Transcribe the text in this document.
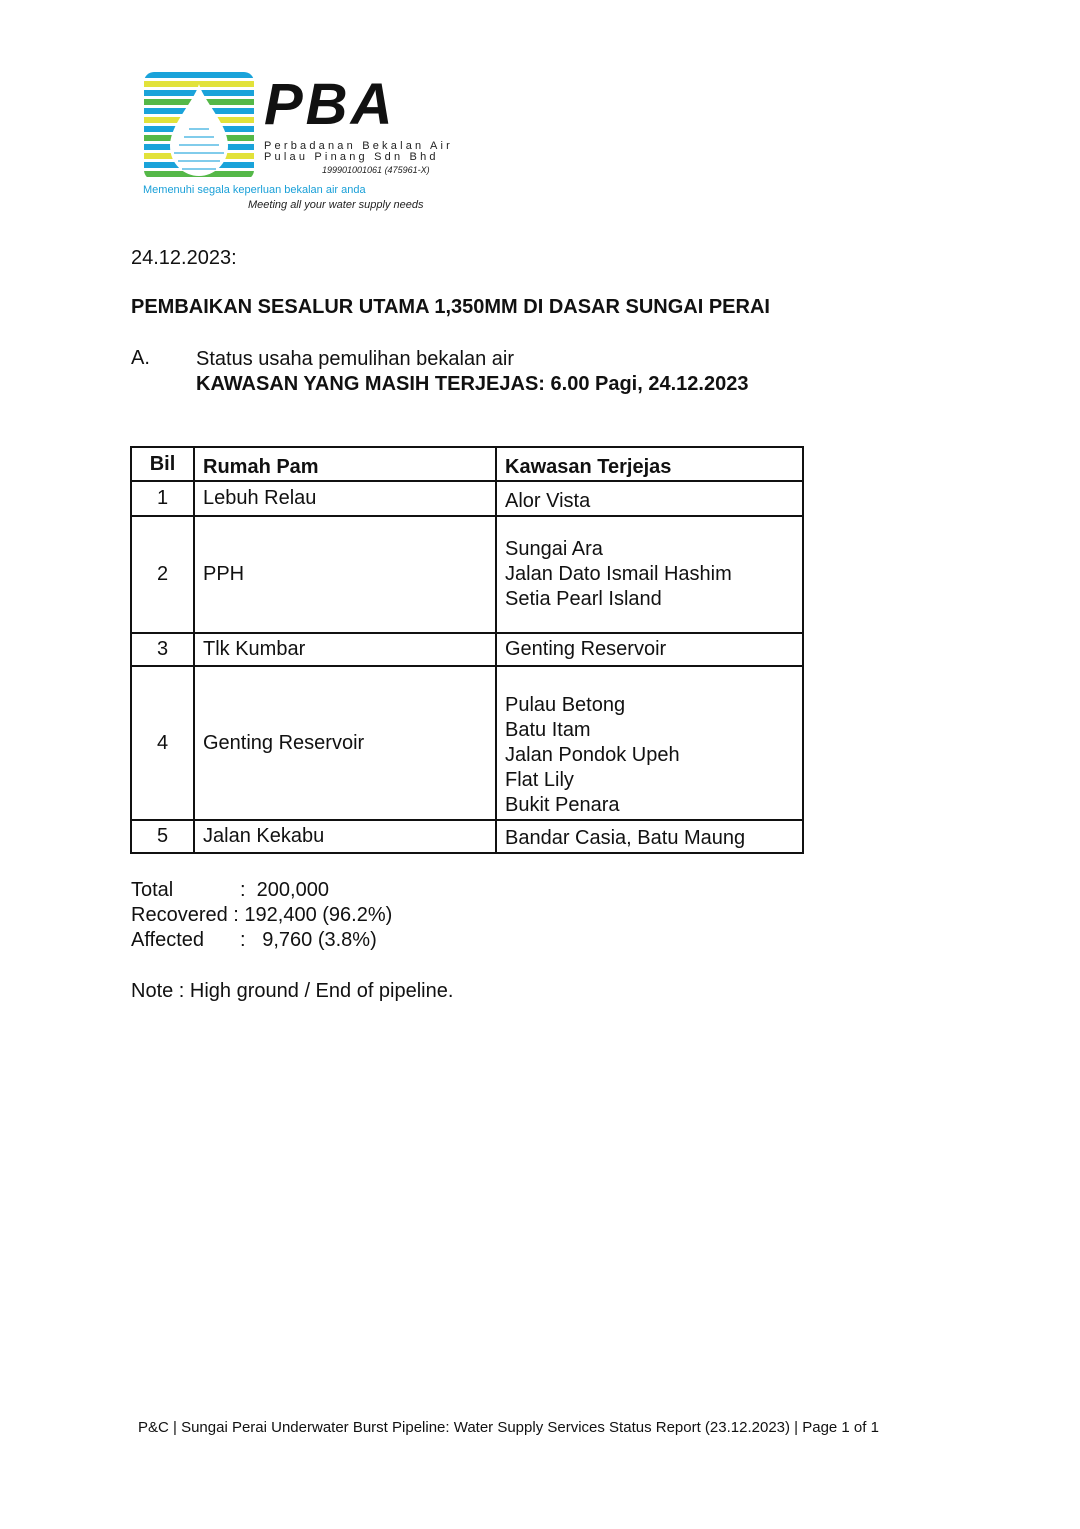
PBA
Perbadanan Bekalan Air
Pulau Pinang Sdn Bhd
199901001061 (475961-X)
Memenuhi segala keperluan bekalan air anda
Meeting all your water supply needs
24.12.2023:
PEMBAIKAN SESALUR UTAMA 1,350MM DI DASAR SUNGAI PERAI
A. Status usaha pemulihan bekalan air
KAWASAN YANG MASIH TERJEJAS: 6.00 Pagi, 24.12.2023
Bil	Rumah Pam	Kawasan Terjejas
1	Lebuh Relau	Alor Vista

2	PPH	Sungai Ara
Jalan Dato Ismail Hashim
Setia Pearl Island

3	Tlk Kumbar	Genting Reservoir

4	Genting Reservoir	Pulau Betong
Batu Itam
Jalan Pondok Upeh
Flat Lily
Bukit Penara

5	Jalan Kekabu	Bandar Casia, Batu Maung
Total	:  200,000
Recovered : 192,400 (96.2%)
Affected :   9,760 (3.8%)
Note : High ground / End of pipeline.
P&C | Sungai Perai Underwater Burst Pipeline: Water Supply Services Status Report (23.12.2023) | Page 1 of 1
